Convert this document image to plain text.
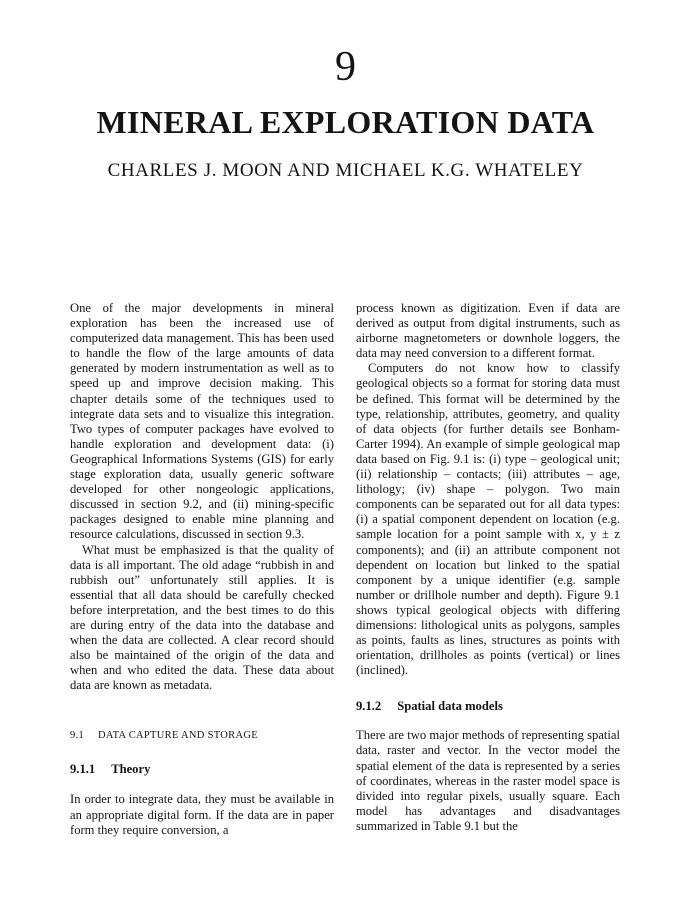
9
MINERAL EXPLORATION DATA
CHARLES J. MOON AND MICHAEL K.G. WHATELEY

One of the major developments in mineral exploration has been the increased use of computerized data management. This has been used to handle the flow of the large amounts of data generated by modern instrumentation as well as to speed up and improve decision making. This chapter details some of the techniques used to integrate data sets and to visualize this integration. Two types of computer packages have evolved to handle exploration and development data: (i) Geographical Informations Systems (GIS) for early stage exploration data, usually generic software developed for other nongeologic applications, discussed in section 9.2, and (ii) mining-specific packages designed to enable mine planning and resource calculations, discussed in section 9.3.

What must be emphasized is that the quality of data is all important. The old adage “rubbish in and rubbish out” unfortunately still applies. It is essential that all data should be carefully checked before interpretation, and the best times to do this are during entry of the data into the database and when the data are collected. A clear record should also be maintained of the origin of the data and when and who edited the data. These data about data are known as metadata.

9.1 DATA CAPTURE AND STORAGE
9.1.1 Theory

In order to integrate data, they must be available in an appropriate digital form. If the data are in paper form they require conversion, a

process known as digitization. Even if data are derived as output from digital instruments, such as airborne magnetometers or downhole loggers, the data may need conversion to a different format.

Computers do not know how to classify geological objects so a format for storing data must be defined. This format will be determined by the type, relationship, attributes, geometry, and quality of data objects (for further details see Bonham-Carter 1994). An example of simple geological map data based on Fig. 9.1 is: (i) type – geological unit; (ii) relationship – contacts; (iii) attributes – age, lithology; (iv) shape – polygon. Two main components can be separated out for all data types: (i) a spatial component dependent on location (e.g. sample location for a point sample with x, y ± z components); and (ii) an attribute component not dependent on location but linked to the spatial component by a unique identifier (e.g. sample number or drillhole number and depth). Figure 9.1 shows typical geological objects with differing dimensions: lithological units as polygons, samples as points, faults as lines, structures as points with orientation, drillholes as points (vertical) or lines (inclined).

9.1.2 Spatial data models

There are two major methods of representing spatial data, raster and vector. In the vector model the spatial element of the data is represented by a series of coordinates, whereas in the raster model space is divided into regular pixels, usually square. Each model has advantages and disadvantages summarized in Table 9.1 but the
